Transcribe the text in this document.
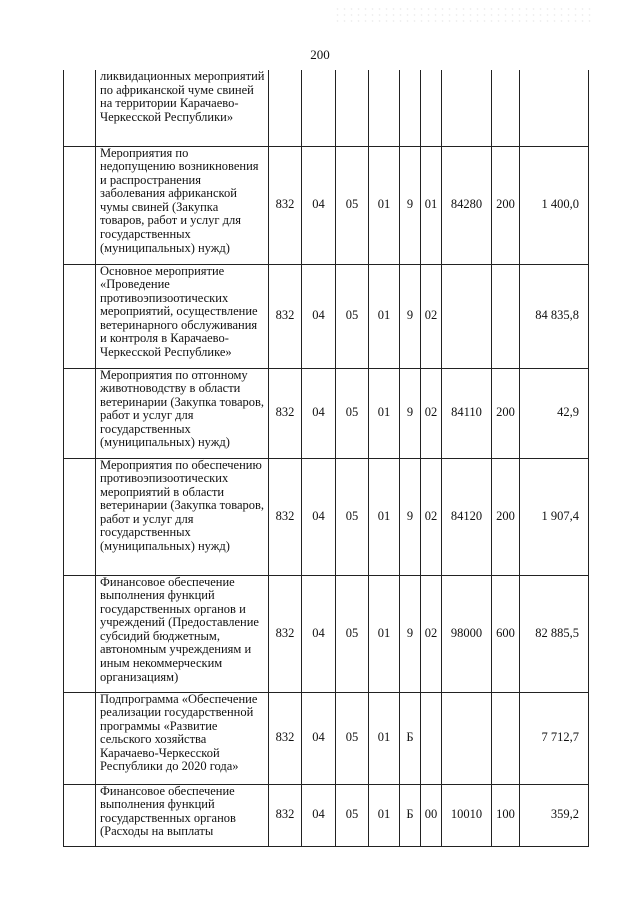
200
	ликвидационных мероприятий по африканской чуме свиней на территории Карачаево-Черкесской Республики»									
	Мероприятия по недопущению возникновения и распространения заболевания африканской чумы свиней (Закупка товаров, работ и услуг для государственных (муниципальных) нужд)	832	04	05	01	9	01	84280	200	1 400,0
	Основное мероприятие «Проведение противоэпизоотических мероприятий, осуществление ветеринарного обслуживания и контроля в Карачаево-Черкесской Республике»	832	04	05	01	9	02			84 835,8
	Мероприятия по отгонному животноводству в области ветеринарии (Закупка товаров, работ и услуг для государственных (муниципальных) нужд)	832	04	05	01	9	02	84110	200	42,9
	Мероприятия по обеспечению противоэпизоотических мероприятий в области ветеринарии (Закупка товаров, работ и услуг для государственных (муниципальных) нужд)	832	04	05	01	9	02	84120	200	1 907,4
	Финансовое обеспечение выполнения функций государственных органов и учреждений (Предоставление субсидий бюджетным, автономным учреждениям и иным некоммерческим организациям)	832	04	05	01	9	02	98000	600	82 885,5
	Подпрограмма «Обеспечение реализации государственной программы «Развитие сельского хозяйства Карачаево-Черкесской Республики до 2020 года»	832	04	05	01	Б				7 712,7
	Финансовое обеспечение выполнения функций государственных органов (Расходы на выплаты	832	04	05	01	Б	00	10010	100	359,2
